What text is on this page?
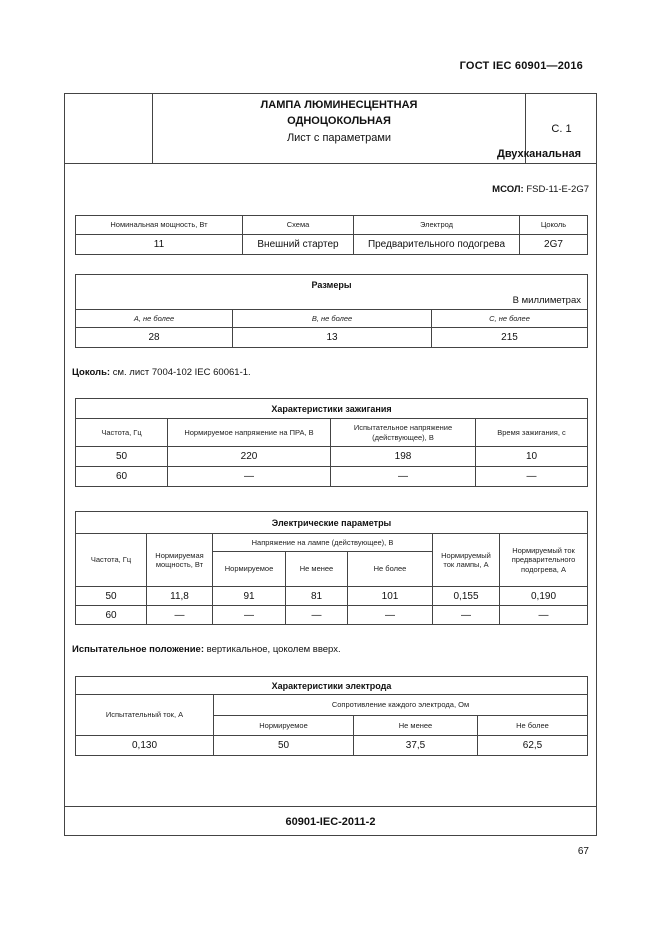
ГОСТ IEC 60901—2016
С. 1
ЛАМПА ЛЮМИНЕСЦЕНТНАЯ
ОДНОЦОКОЛЬНАЯ
Лист с параметрами
Двухканальная
МСОЛ: FSD-11-E-2G7
Номинальная мощность, Вт	Схема	Электрод	Цоколь
11	Внешний стартер	Предварительного подогрева	2G7
Размеры
В миллиметрах		

A, не более	B, не более	C, не более
28	13	215
Цоколь: см. лист 7004-102 IEC 60061-1.
Характеристики зажигания			
Частота, Гц	Нормируемое напряжение на ПРА, В	Испытательное напряжение (действующее), В	Время зажигания, с
50	220	198	10
60	—	—	—
Электрические параметры						
Частота, Гц	Нормируемая мощность, Вт	Напряжение на лампе (действующее), В			Нормируемый ток лампы, А	Нормируемый ток предварительного подогрева, А
		Нормируемое	Не менее	Не более		
50	11,8	91	81	101	0,155	0,190
60	—	—	—	—	—	—
Испытательное положение: вертикальное, цоколем вверх.
Характеристики электрода			
Испытательный ток, А	Сопротивление каждого электрода, Ом		
	Нормируемое	Не менее	Не более
0,130	50	37,5	62,5
60901-IEC-2011-2
67
